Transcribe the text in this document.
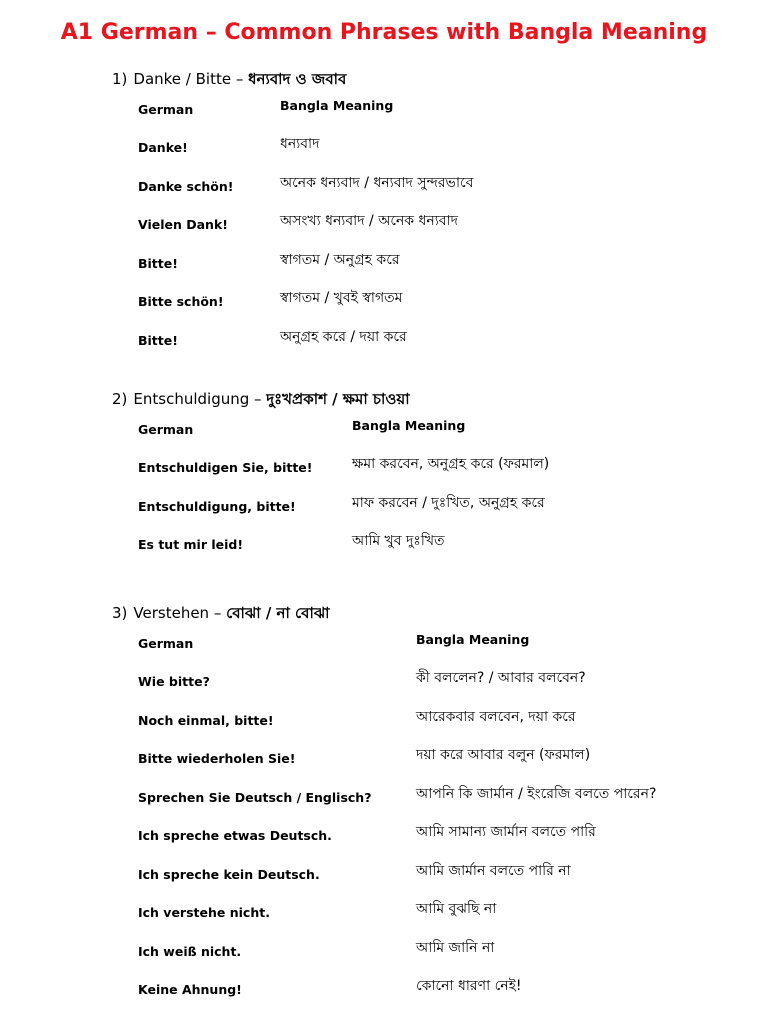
A1 German – Common Phrases with Bangla Meaning
1) Danke / Bitte – ধন্যবাদ ও জবাব
German	Bangla Meaning
Danke!	ধন্যবাদ
Danke schön!	অনেক ধন্যবাদ / ধন্যবাদ সুন্দরভাবে
Vielen Dank!	অসংখ্য ধন্যবাদ / অনেক ধন্যবাদ
Bitte!	স্বাগতম / অনুগ্রহ করে
Bitte schön!	স্বাগতম / খুবই স্বাগতম
Bitte!	অনুগ্রহ করে / দয়া করে
2) Entschuldigung – দুঃখপ্রকাশ / ক্ষমা চাওয়া
German	Bangla Meaning
Entschuldigen Sie, bitte!	ক্ষমা করবেন, অনুগ্রহ করে (ফরমাল)
Entschuldigung, bitte!	মাফ করবেন / দুঃখিত, অনুগ্রহ করে
Es tut mir leid!	আমি খুব দুঃখিত
3) Verstehen – বোঝা / না বোঝা
German	Bangla Meaning
Wie bitte?	কী বললেন? / আবার বলবেন?
Noch einmal, bitte!	আরেকবার বলবেন, দয়া করে
Bitte wiederholen Sie!	দয়া করে আবার বলুন (ফরমাল)
Sprechen Sie Deutsch / Englisch?	আপনি কি জার্মান / ইংরেজি বলতে পারেন?
Ich spreche etwas Deutsch.	আমি সামান্য জার্মান বলতে পারি
Ich spreche kein Deutsch.	আমি জার্মান বলতে পারি না
Ich verstehe nicht.	আমি বুঝছি না
Ich weiß nicht.	আমি জানি না
Keine Ahnung!	কোনো ধারণা নেই!
